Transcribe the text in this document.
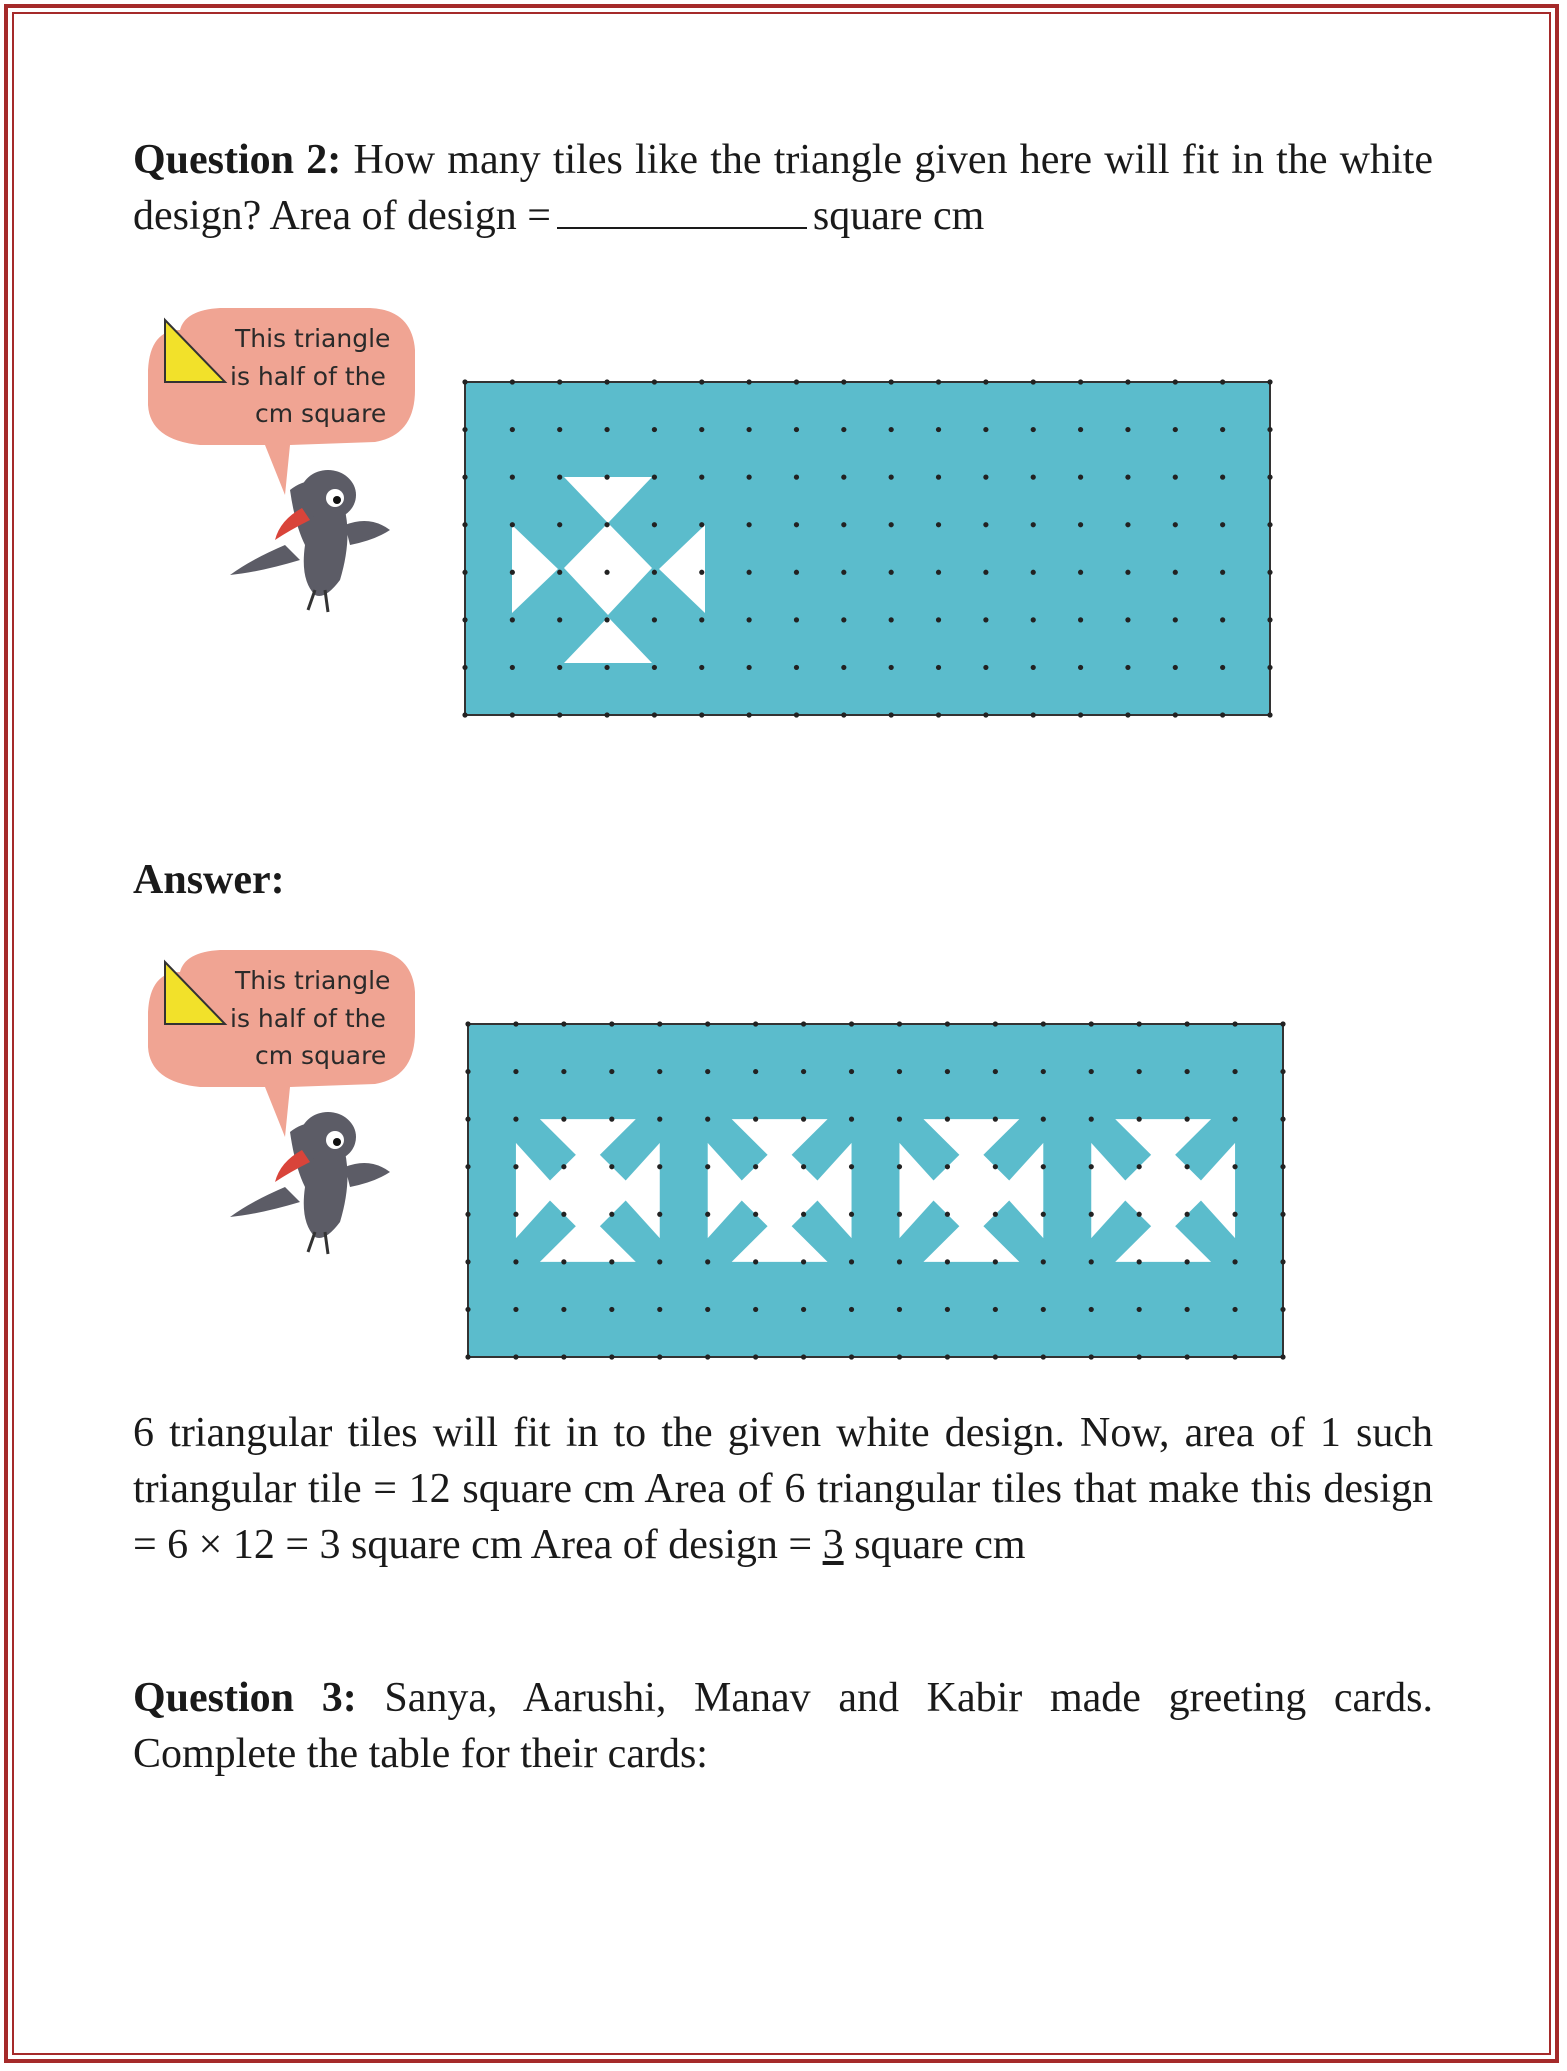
Question 2: How many tiles like the triangle given here will fit in the white design? Area of design =	square cm
This triangle
is half of the
cm square
Answer:
This triangle
is half of the
cm square
6 triangular tiles will fit in to the given white design. Now, area of 1 such triangular tile = 12 square cm Area of 6 triangular tiles that make this design = 6 × 12 = 3 square cm Area of design = 3 square cm
Question 3: Sanya, Aarushi, Manav and Kabir made greeting cards. Complete the table for their cards:
